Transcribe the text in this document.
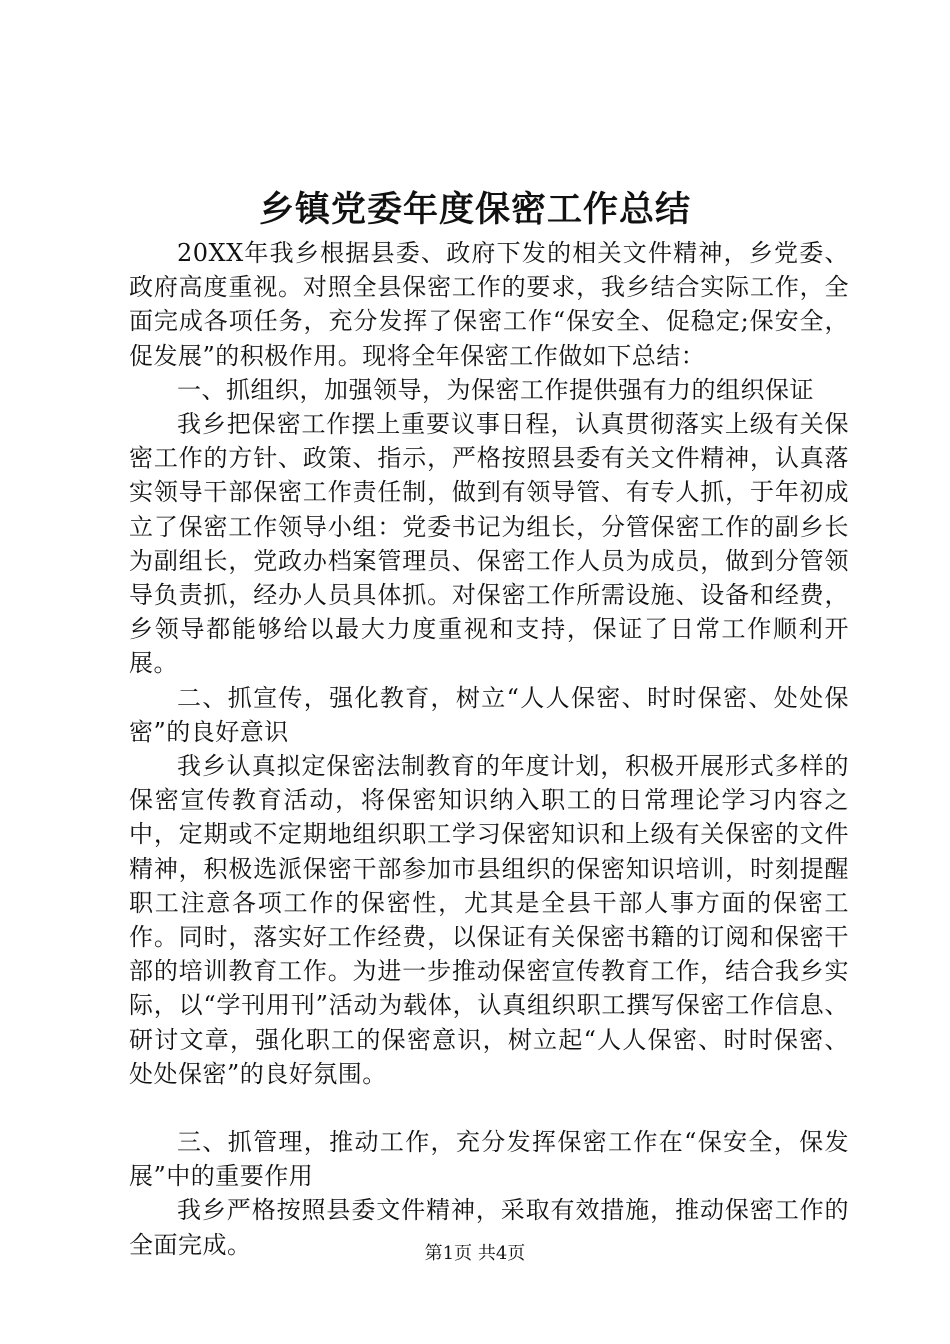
乡镇党委年度保密工作总结

20XX年我乡根据县委、政府下发的相关文件精神，乡党委、政府高度重视。对照全县保密工作的要求，我乡结合实际工作，全面完成各项任务，充分发挥了保密工作“保安全、促稳定;保安全，促发展”的积极作用。现将全年保密工作做如下总结：

一、抓组织，加强领导，为保密工作提供强有力的组织保证

我乡把保密工作摆上重要议事日程，认真贯彻落实上级有关保密工作的方针、政策、指示，严格按照县委有关文件精神，认真落实领导干部保密工作责任制，做到有领导管、有专人抓，于年初成立了保密工作领导小组：党委书记为组长，分管保密工作的副乡长为副组长，党政办档案管理员、保密工作人员为成员，做到分管领导负责抓，经办人员具体抓。对保密工作所需设施、设备和经费，乡领导都能够给以最大力度重视和支持，保证了日常工作顺利开展。

二、抓宣传，强化教育，树立“人人保密、时时保密、处处保密”的良好意识

我乡认真拟定保密法制教育的年度计划，积极开展形式多样的保密宣传教育活动，将保密知识纳入职工的日常理论学习内容之中，定期或不定期地组织职工学习保密知识和上级有关保密的文件精神，积极选派保密干部参加市县组织的保密知识培训，时刻提醒职工注意各项工作的保密性，尤其是全县干部人事方面的保密工作。同时，落实好工作经费，以保证有关保密书籍的订阅和保密干部的培训教育工作。为进一步推动保密宣传教育工作，结合我乡实际，以“学刊用刊”活动为载体，认真组织职工撰写保密工作信息、研讨文章，强化职工的保密意识，树立起“人人保密、时时保密、处处保密”的良好氛围。

三、抓管理，推动工作，充分发挥保密工作在“保安全，保发展”中的重要作用

我乡严格按照县委文件精神，采取有效措施，推动保密工作的全面完成。	第1页 共4页
